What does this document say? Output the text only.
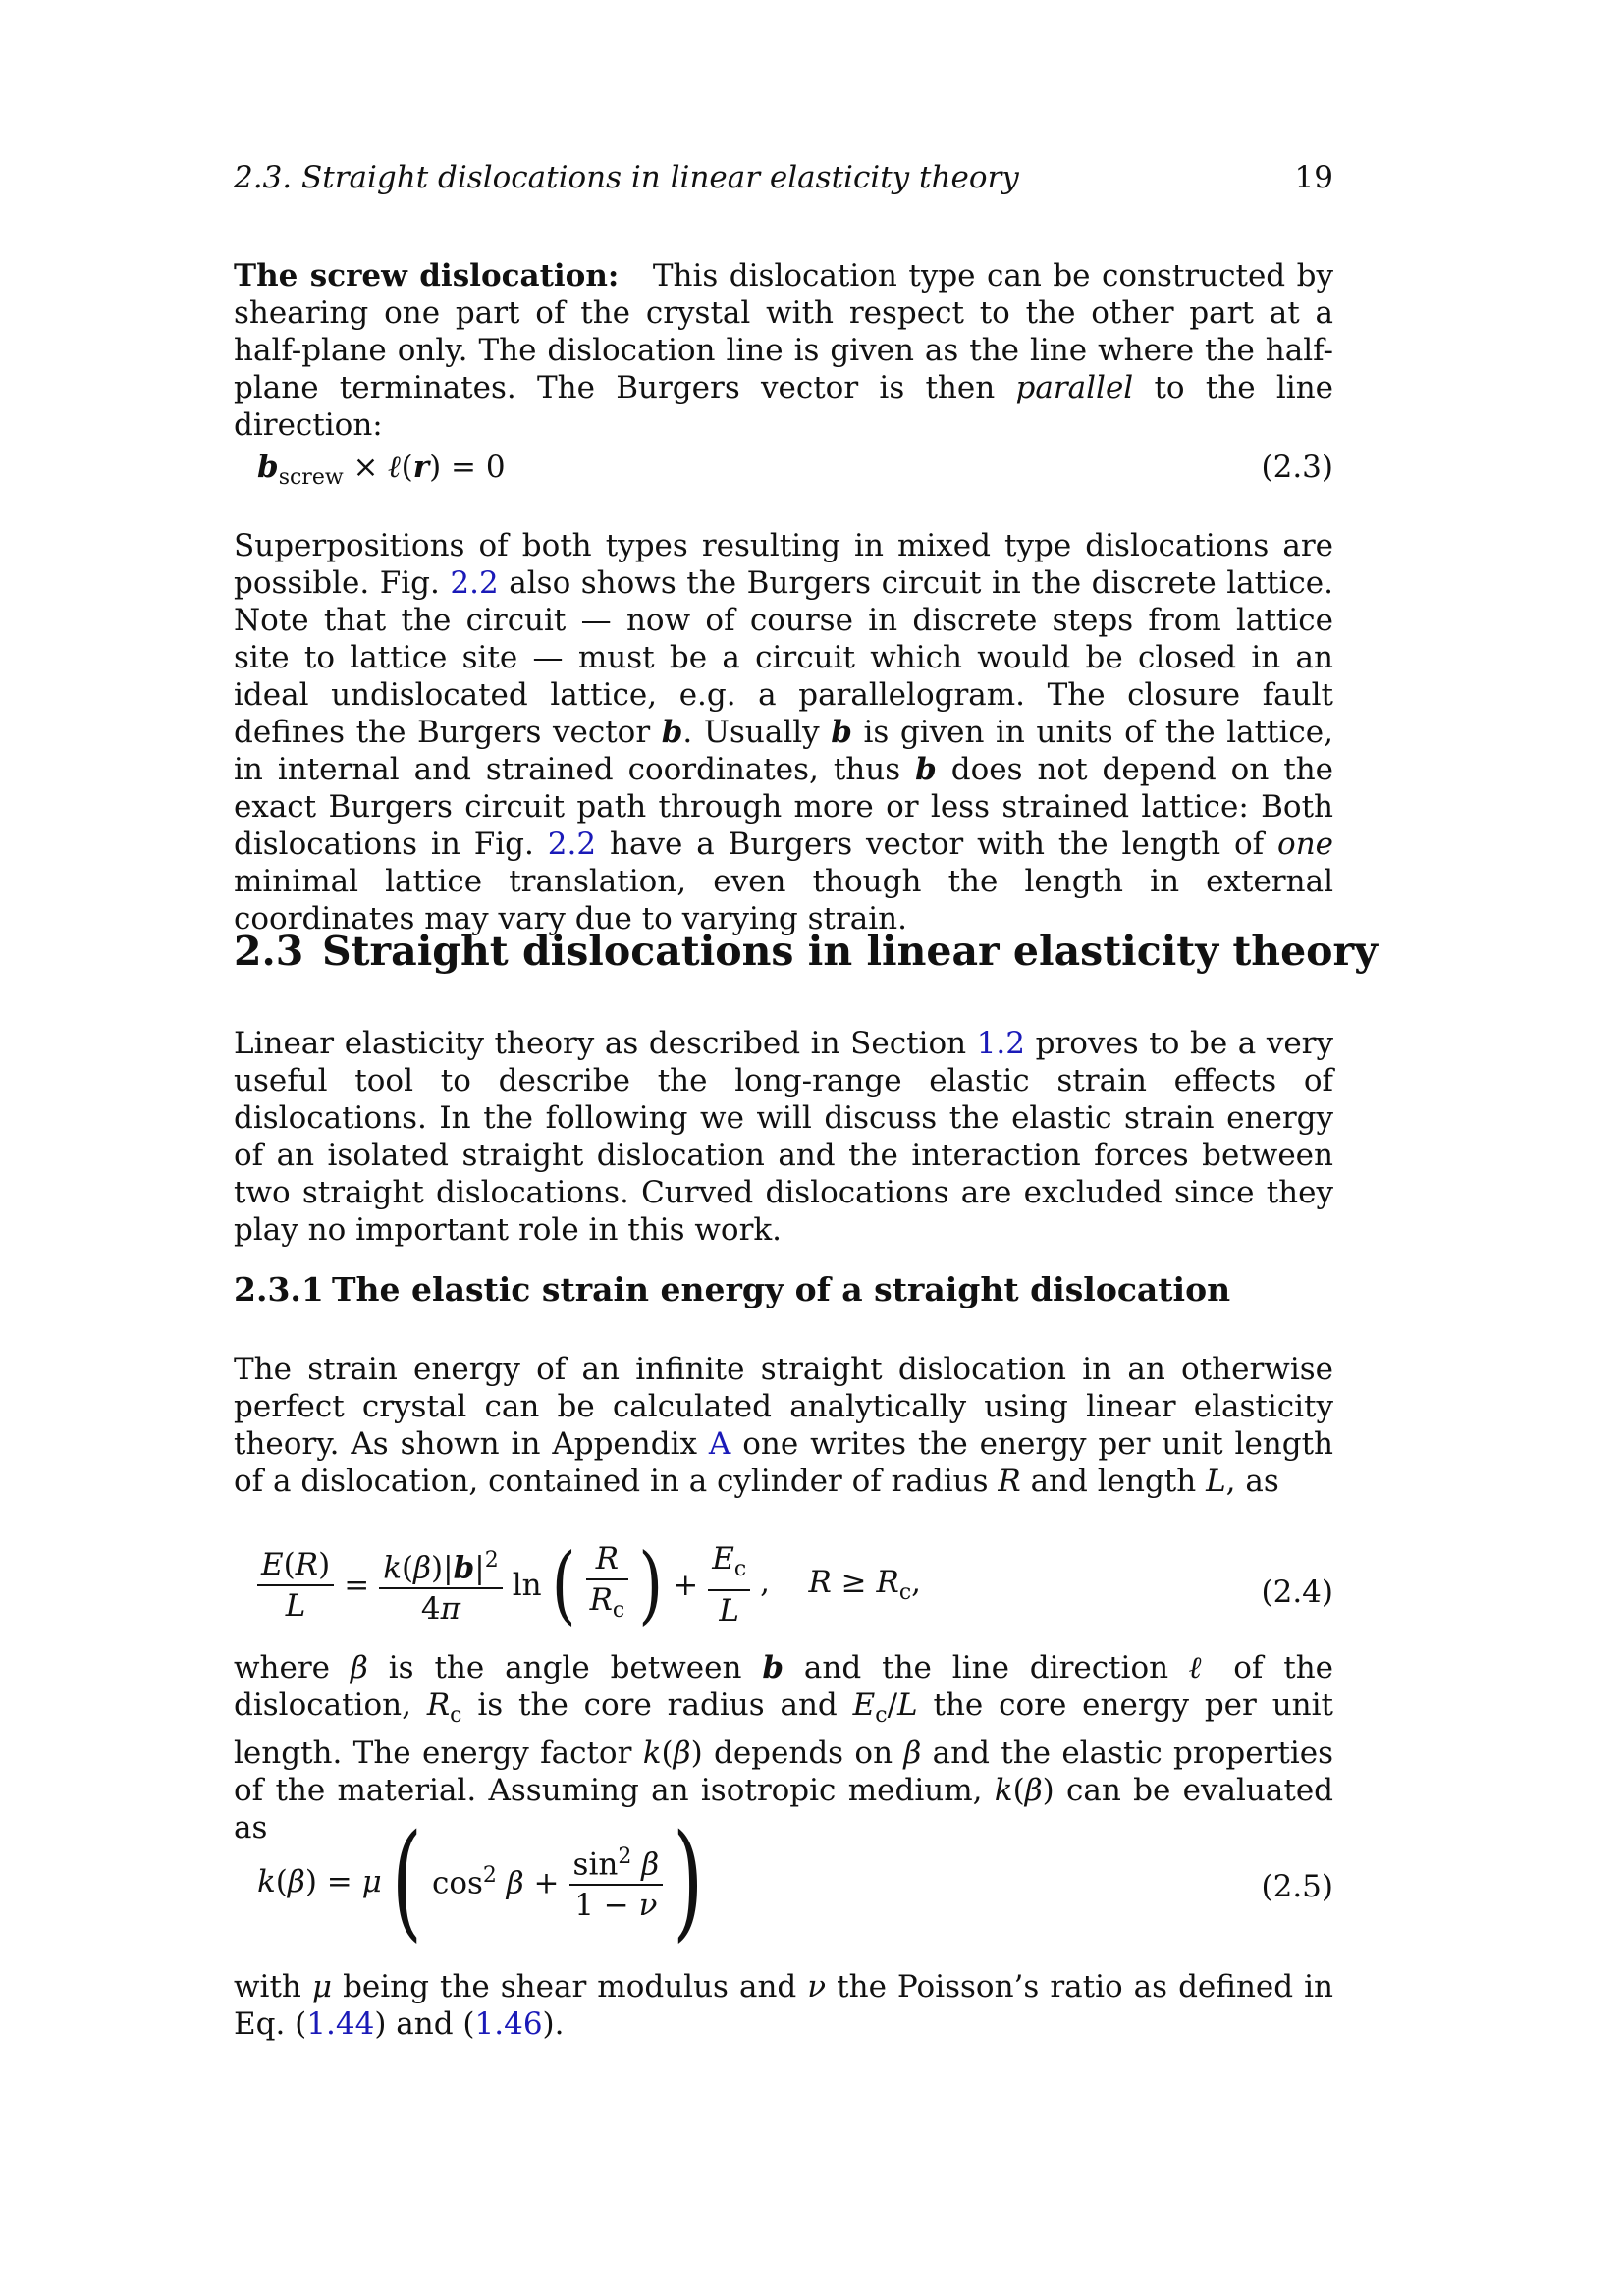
2.3. Straight dislocations in linear elasticity theory	19
The screw dislocation: This dislocation type can be constructed by shearing one part of the crystal with respect to the other part at a half-plane only. The dislocation line is given as the line where the half-plane terminates. The Burgers vector is then parallel to the line direction:
$b_{screw}$ × ℓ(r) = 0	(2.3)
Superpositions of both types resulting in mixed type dislocations are possible. Fig. 2.2 also shows the Burgers circuit in the discrete lattice. Note that the circuit — now of course in discrete steps from lattice site to lattice site — must be a circuit which would be closed in an ideal undislocated lattice, e.g. a parallelogram. The closure fault defines the Burgers vector b. Usually b is given in units of the lattice, in internal and strained coordinates, thus b does not depend on the exact Burgers circuit path through more or less strained lattice: Both dislocations in Fig. 2.2 have a Burgers vector with the length of one minimal lattice translation, even though the length in external coordinates may vary due to varying strain.
2.3 Straight dislocations in linear elasticity theory
Linear elasticity theory as described in Section 1.2 proves to be a very useful tool to describe the long-range elastic strain effects of dislocations. In the following we will discuss the elastic strain energy of an isolated straight dislocation and the interaction forces between two straight dislocations. Curved dislocations are excluded since they play no important role in this work.
2.3.1 The elastic strain energy of a straight dislocation
The strain energy of an infinite straight dislocation in an otherwise perfect crystal can be calculated analytically using linear elasticity theory. As shown in Appendix A one writes the energy per unit length of a dislocation, contained in a cylinder of radius R and length L, as
$\frac{E(R)}{L} = \frac{k(\beta)|b|^2}{4\pi}$ ln ( $\frac{R}{R_c}$ ) + $\frac{E_c}{L}$ ,    $R \ge R_c$,	(2.4)
where β is the angle between b and the line direction ℓ of the dislocation, $R_c$ is the core radius and $E_c/L$ the core energy per unit length. The energy factor k(β) depends on β and the elastic properties of the material. Assuming an isotropic medium, k(β) can be evaluated as
k(β) = μ ( $\cos^2 \beta + \frac{\sin^2 \beta}{1 - \nu}$ )	(2.5)
with μ being the shear modulus and ν the Poisson’s ratio as defined in Eq. (1.44) and (1.46).
